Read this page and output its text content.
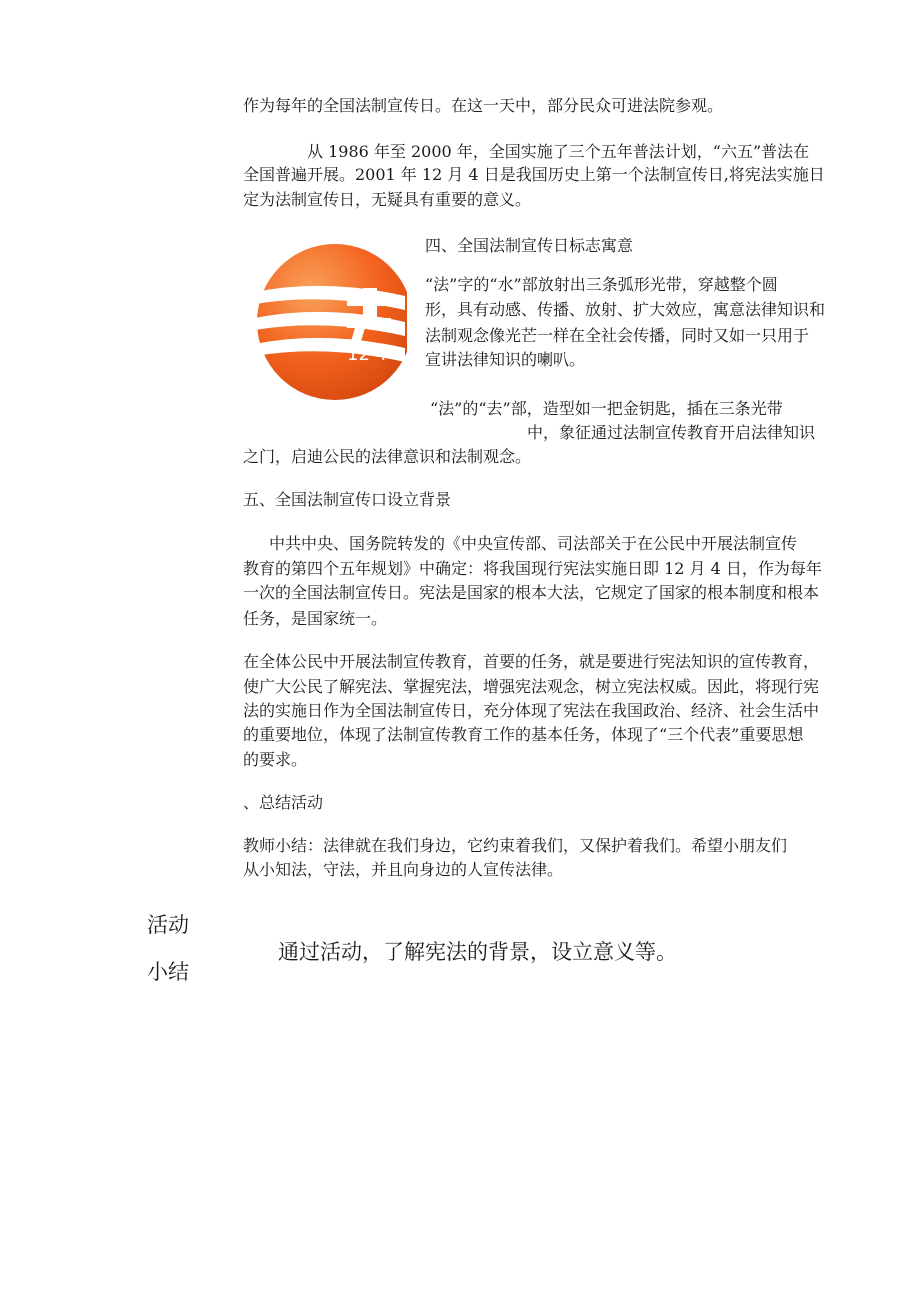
作为每年的全国法制宣传日。在这一天中，部分民众可进法院参观。

从 1986 年至 2000 年，全国实施了三个五年普法计划，“六五”普法在

全国普遍开展。2001 年 12 月 4 日是我国历史上第一个法制宣传日,将宪法实施日

定为法制宣传日，无疑具有重要的意义。

12·4

四、全国法制宣传日标志寓意

“法”字的“水”部放射出三条弧形光带，穿越整个圆

形，具有动感、传播、放射、扩大效应，寓意法律知识和

法制观念像光芒一样在全社会传播，同时又如一只用于

宣讲法律知识的喇叭。

“法”的“去”部，造型如一把金钥匙，插在三条光带

中，象征通过法制宣传教育开启法律知识

之门，启迪公民的法律意识和法制观念。

五、全国法制宣传口设立背景

中共中央、国务院转发的《中央宣传部、司法部关于在公民中开展法制宣传

教育的第四个五年规划》中确定：将我国现行宪法实施日即 12 月 4 日，作为每年

一次的全国法制宣传日。宪法是国家的根本大法，它规定了国家的根本制度和根本

任务，是国家统一。

在全体公民中开展法制宣传教育，首要的任务，就是要进行宪法知识的宣传教育，

使广大公民了解宪法、掌握宪法，增强宪法观念，树立宪法权威。因此，将现行宪

法的实施日作为全国法制宣传日，充分体现了宪法在我国政治、经济、社会生活中

的重要地位，体现了法制宣传教育工作的基本任务，体现了“三个代表”重要思想

的要求。

、总结活动

教师小结：法律就在我们身边，它约束着我们，又保护着我们。希望小朋友们

从小知法，守法，并且向身边的人宣传法律。

活动
小结
通过活动，了解宪法的背景，设立意义等。
